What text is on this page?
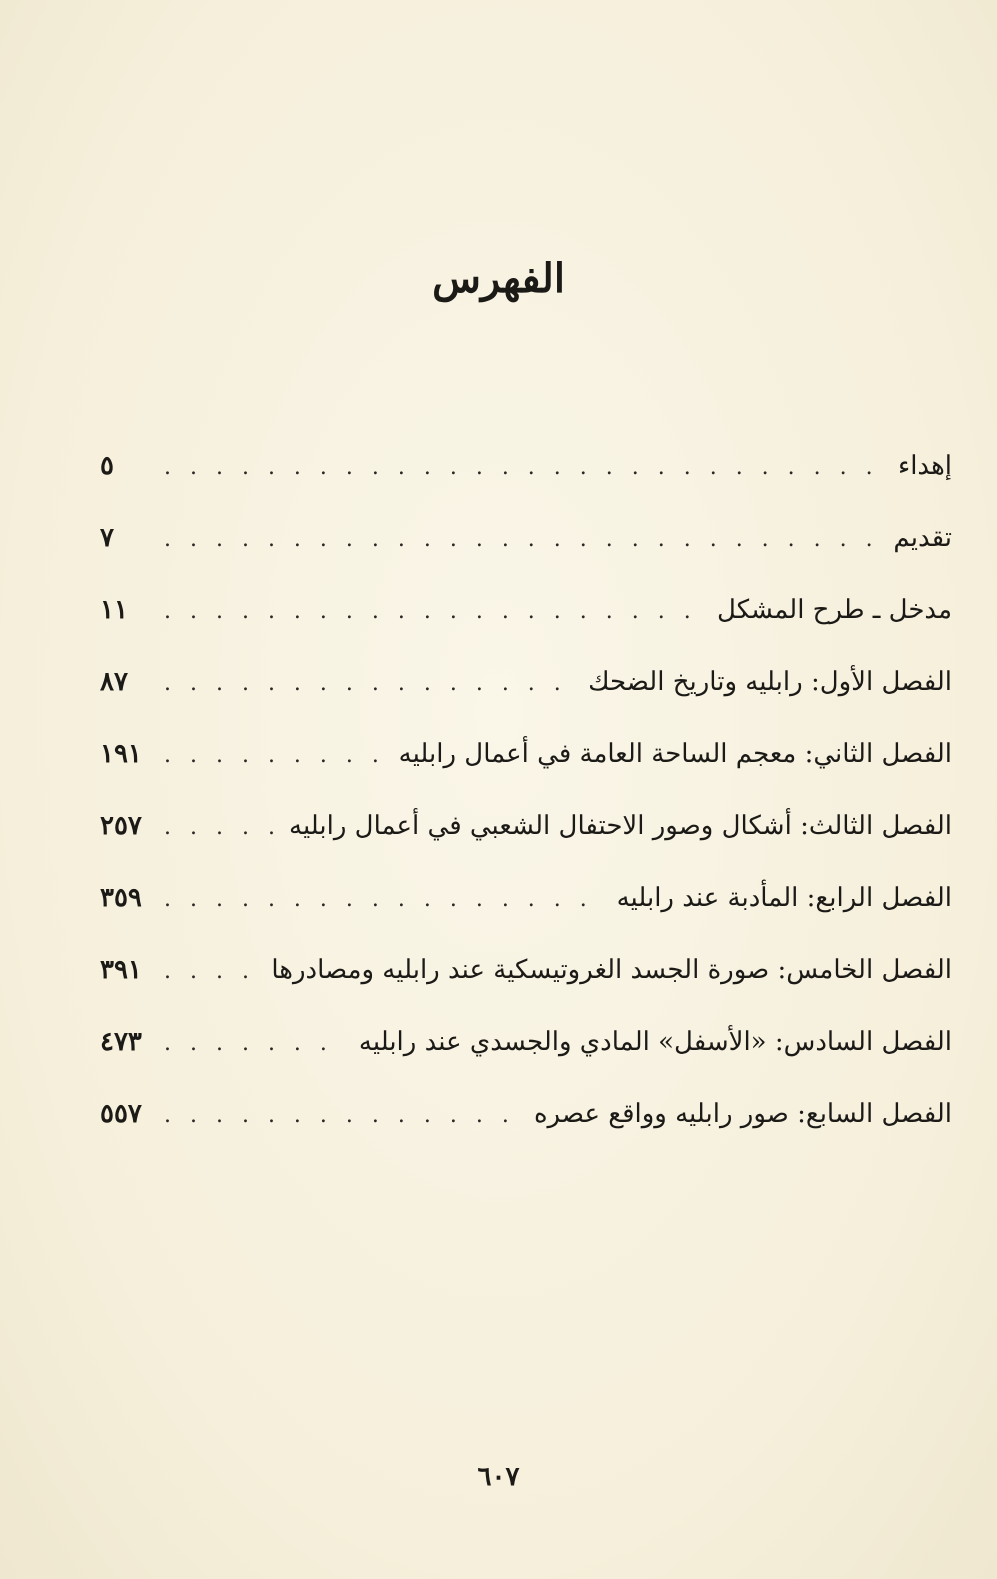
الفهرس
إهداء
. . .
٥
تقديم
. . .
٧
مدخل ـ طرح المشكل
. . .
١١
الفصل الأول: رابليه وتاريخ الضحك
. . .
٨٧
الفصل الثاني: معجم الساحة العامة في أعمال رابليه
. . .
١٩١
الفصل الثالث: أشكال وصور الاحتفال الشعبي في أعمال رابليه
. . .
٢٥٧
الفصل الرابع: المأدبة عند رابليه
. . .
٣٥٩
الفصل الخامس: صورة الجسد الغروتيسكية عند رابليه ومصادرها
. . .
٣٩١
الفصل السادس: «الأسفل» المادي والجسدي عند رابليه
. . .
٤٧٣
الفصل السابع: صور رابليه وواقع عصره
. . .
٥٥٧
٦٠٧
